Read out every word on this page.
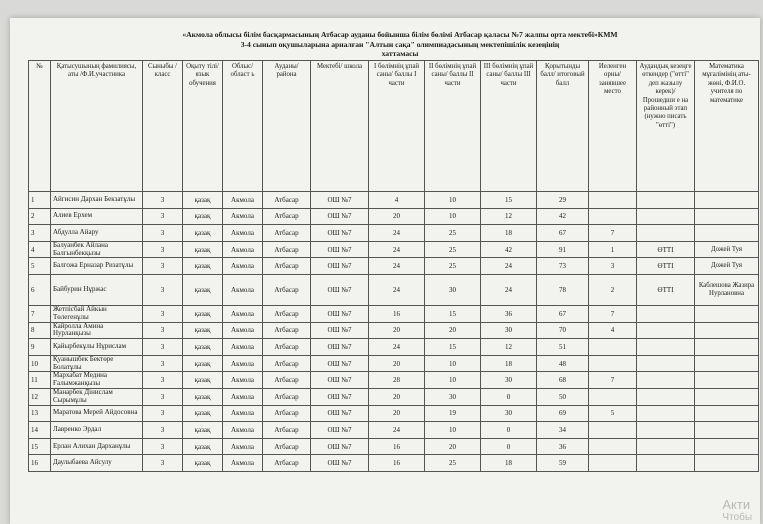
«Акмола облысы білім басқармасының Атбасар ауданы бойынша білім бөлімі Атбасар қаласы №7 жалпы орта мектебі»КММ
3-4 сынып оқушыларына арналған "Алтын сақа" олимпиадасының мектепішілік кезеңінің
хаттамасы
№	Қатысушының фамилиясы, аты /Ф.И.участника	Сыныбы /класс	Оқыту тілі/ язык обучения	Облыс/ област ь	Ауданы/ района	Мектебі/ школа	I бөлімнің ұпай саны/ баллы I части	II бөлімнің ұпай саны/ баллы II части	III бөлімнің ұпай саны/ баллы III части	Қорытынды балл/ итоговый балл	Иеленген орны/ занявшее место	Аудандық кезеңге өткендер ("өтті" деп жазылу керек)/ Прошедши е на районный этап (нужно писать "өтті")	Математика мұғалімінің аты-жөні, Ф.И.О. учителя по математике
1	Айгисин Дархан Бекзатұлы	3	қазақ	Акмола	Атбасар	ОШ №7	4	10	15	29			
2	Алиев Ерхем	3	қазақ	Акмола	Атбасар	ОШ №7	20	10	12	42			
3	Абдулла Айару	3	қазақ	Акмола	Атбасар	ОШ №7	24	25	18	67	7		
4	Балуанбек Айлана Балгынбекқызы	3	қазақ	Акмола	Атбасар	ОШ №7	24	25	42	91	1	ӨТТІ	Дожей Туя
5	Балгожа Ерназар Ризатұлы	3	қазақ	Акмола	Атбасар	ОШ №7	24	25	24	73	3	ӨТТІ	Дожей Туя
6	Байбурин Нұржас	3	қазақ	Акмола	Атбасар	ОШ №7	24	30	24	78	2	ӨТТІ	Каблешова Жазира Нурлановна
7	Жетпісбай Айкын Төлегенұлы	3	қазақ	Акмола	Атбасар	ОШ №7	16	15	36	67	7		
8	Кайролла Амина Нурланқызы	3	қазақ	Акмола	Атбасар	ОШ №7	20	20	30	70	4		
9	Қайырбекұлы Нұрислам	3	қазақ	Акмола	Атбасар	ОШ №7	24	15	12	51			
10	Қуанышбек Бектөре Болатұлы	3	қазақ	Акмола	Атбасар	ОШ №7	20	10	18	48			
11	Мархабат Медина Ғалымжанқызы	3	қазақ	Акмола	Атбасар	ОШ №7	28	10	30	68	7		
12	Манарбек Дінислам Сырымұлы	3	қазақ	Акмола	Атбасар	ОШ №7	20	30	0	50			
13	Маратова Мерей Айдосовна	3	қазақ	Акмола	Атбасар	ОШ №7	20	19	30	69	5		
14	Лавренко Эрдал	3	қазақ	Акмола	Атбасар	ОШ №7	24	10	0	34			
15	Ерлан Алихан Дарханұлы	3	қазақ	Акмола	Атбасар	ОШ №7	16	20	0	36			
16	Даулыбаева Айсулу	3	қазақ	Акмола	Атбасар	ОШ №7	16	25	18	59			
Акти
Чтобы
